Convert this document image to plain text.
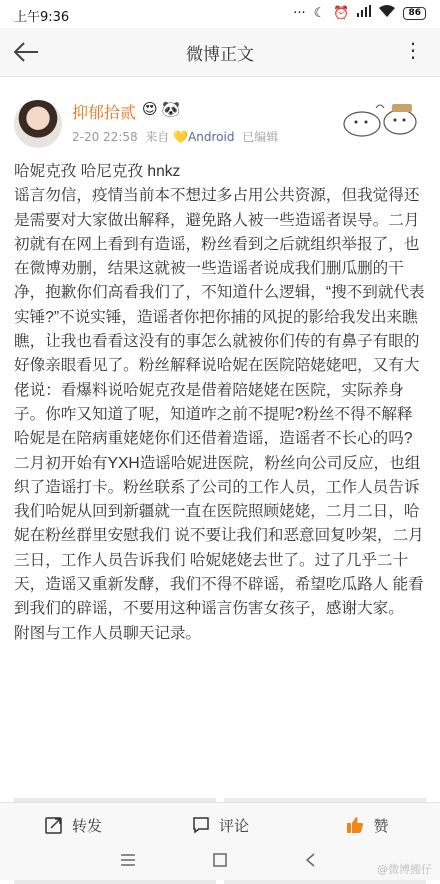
上午9:36	··· ☾ ⏰	86
微博正文	⋮
抑郁拾贰 😍 🐼
2-20 22:58 来自 💛Android 已编辑

哈妮克孜 哈尼克孜 hnkz

谣言勿信，疫情当前本不想过多占用公共资源，但我觉得还是需要对大家做出解释，避免路人被一些造谣者误导。二月初就有在网上看到有造谣，粉丝看到之后就组织举报了，也在微博劝删，结果这就被一些造谣者说成我们删瓜删的干净，抱歉你们高看我们了，不知道什么逻辑，“搜不到就代表实锤?”不说实锤，造谣者你把你捕的风捉的影给我发出来瞧瞧，让我也看看这没有的事怎么就被你们传的有鼻子有眼的好像亲眼看见了。粉丝解释说哈妮在医院陪姥姥吧，又有大佬说：看爆料说哈妮克孜是借着陪姥姥在医院，实际养身子。你咋又知道了呢，知道咋之前不提呢?粉丝不得不解释哈妮是在陪病重姥姥你们还借着造谣，造谣者不长心的吗?

二月初开始有YXH造谣哈妮进医院，粉丝向公司反应，也组织了造谣打卡。粉丝联系了公司的工作人员，工作人员告诉我们哈妮从回到新疆就一直在医院照顾姥姥，二月二日，哈妮在粉丝群里安慰我们 说不要让我们和恶意回复吵架，二月三日，工作人员告诉我们 哈妮姥姥去世了。过了几乎二十天，造谣又重新发酵，我们不得不辟谣，希望吃瓜路人 能看到我们的辟谣，不要用这种谣言伤害女孩子，感谢大家。

附图与工作人员聊天记录。

转发	评论	赞
@微博搬仔
